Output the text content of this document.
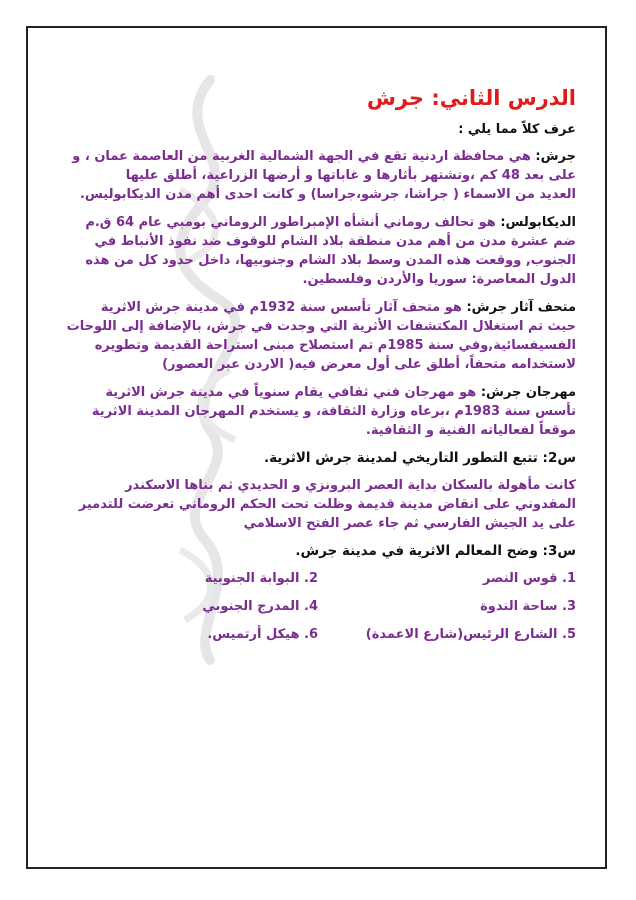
الدرس الثاني: جرش
عرف كلاً مما يلي :
جرش: هي محافظة اردنية تقع في الجهة الشمالية الغربية من العاصمة عمان ، و
على بعد 48 كم ،وتشتهر بأثارها و غاباتها و أرضها الزراعية، أطلق عليها
العديد من الاسماء ( جراشا، جرشو،جراسا) و كانت احدى أهم مدن الديكابوليس.
الديكابولس: هو تحالف روماني أنشأه الإمبراطور الروماني بومبي عام 64 ق.م
ضم عشرة مدن من أهم مدن منطقة بلاد الشام للوقوف ضد نفوذ الأنباط في
الجنوب, ووقعت هذه المدن وسط بلاد الشام وجنوبيها، داخل حدود كل من هذه
الدول المعاصرة: سوريا والأردن وفلسطين.
متحف آثار جرش: هو متحف آثار تأسس سنة 1932م في مدينة جرش الاثرية
حيث تم استغلال المكتشفات الأثرية التي وجدت في جرش، بالإضافة إلى اللوحات
الفسيفسائية,وفي سنة 1985م تم استصلاح مبنى استراحة القديمة وتطويره
لاستخدامه متحفاً، أطلق على أول معرض فيه( الاردن عبر العصور)
مهرجان جرش: هو مهرجان فني ثقافي يقام سنوياً في مدينة جرش الاثرية
تأسس سنة 1983م ،برعاه وزارة الثقافة، و يستخدم المهرجان المدينة الاثرية
موقعاً لفعالياته الفنية و الثقافية.
س2: تتبع التطور التاريخي لمدينة جرش الاثرية.
كانت مأهولة بالسكان بداية العصر البرونزي و الحديدي ثم بناها الاسكندر
المقدوني على انقاض مدينة قديمة وظلت تحت الحكم الروماني تعرضت للتدمير
على يد الجيش الفارسي ثم جاء عصر الفتح الاسلامي
س3: وضح المعالم الاثرية في مدينة جرش.
1. قوس النصر
2. البوابة الجنوبية
3. ساحة الندوة
4. المدرج الجنوبي
5. الشارع الرئيس(شارع الاعمدة)
6. هيكل أرتميس.
